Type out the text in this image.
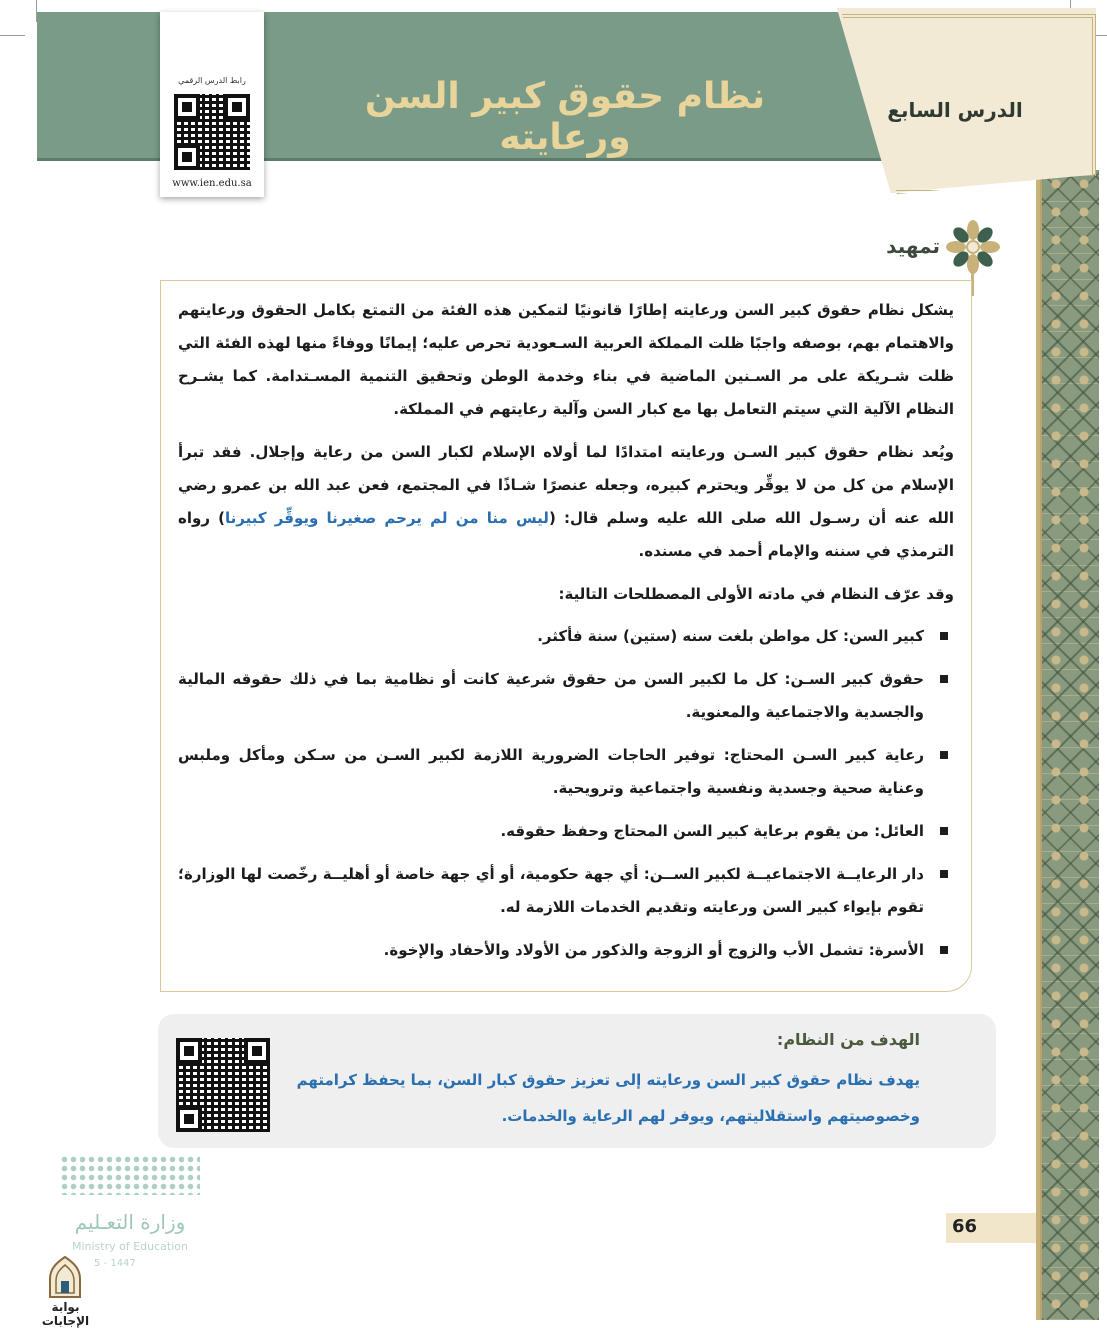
نظام حقوق كبير السن ورعايته
الدرس السابع
رابط الدرس الرقمي
www.ien.edu.sa
تمهيد
يشكل نظام حقوق كبير السن ورعايته إطارًا قانونيًا لتمكين هذه الفئة من التمتع بكامل الحقوق ورعايتهم والاهتمام بهم، بوصفه واجبًا ظلت المملكة العربية السـعودية تحرص عليه؛ إيمانًا ووفاءً منها لهذه الفئة التي ظلت شـريكة على مر السـنين الماضية في بناء وخدمة الوطن وتحقيق التنمية المسـتدامة. كما يشـرح النظام الآلية التي سيتم التعامل بها مع كبار السن وآلية رعايتهم في المملكة.
ويُعد نظام حقوق كبير السـن ورعايته امتدادًا لما أولاه الإسلام لكبار السن من رعاية وإجلال. فقد تبرأ الإسلام من كل من لا يوقِّر ويحترم كبيره، وجعله عنصرًا شـاذًا في المجتمع، فعن عبد الله بن عمرو رضي الله عنه أن رسـول الله صلى الله عليه وسلم قال: (ليس منا من لم يرحم صغيرنا ويوقِّر كبيرنا) رواه الترمذي في سننه والإمام أحمد في مسنده.
وقد عرّف النظام في مادته الأولى المصطلحات التالية:
كبير السن: كل مواطن بلغت سنه (ستين) سنة فأكثر.
حقوق كبير السـن: كل ما لكبير السن من حقوق شرعية كانت أو نظامية بما في ذلك حقوقه المالية والجسدية والاجتماعية والمعنوية.
رعاية كبير السـن المحتاج: توفير الحاجات الضرورية اللازمة لكبير السـن من سـكن ومأكل وملبس وعناية صحية وجسدية ونفسية واجتماعية وترويحية.
العائل: من يقوم برعاية كبير السن المحتاج وحفظ حقوقه.
دار الرعايــة الاجتماعيــة لكبير الســن: أي جهة حكومية، أو أي جهة خاصة أو أهليــة رخّصت لها الوزارة؛ تقوم بإيواء كبير السن ورعايته وتقديم الخدمات اللازمة له.
الأسرة: تشمل الأب والزوج أو الزوجة والذكور من الأولاد والأحفاد والإخوة.
الهدف من النظام:
يهدف نظام حقوق كبير السن ورعايته إلى تعزيز حقوق كبار السن، بما يحفظ كرامتهم وخصوصيتهم واستقلاليتهم، ويوفر لهم الرعاية والخدمات.
66
وزارة التعـليم
Ministry of Education
5 - 1447
بوابة الإجابات
